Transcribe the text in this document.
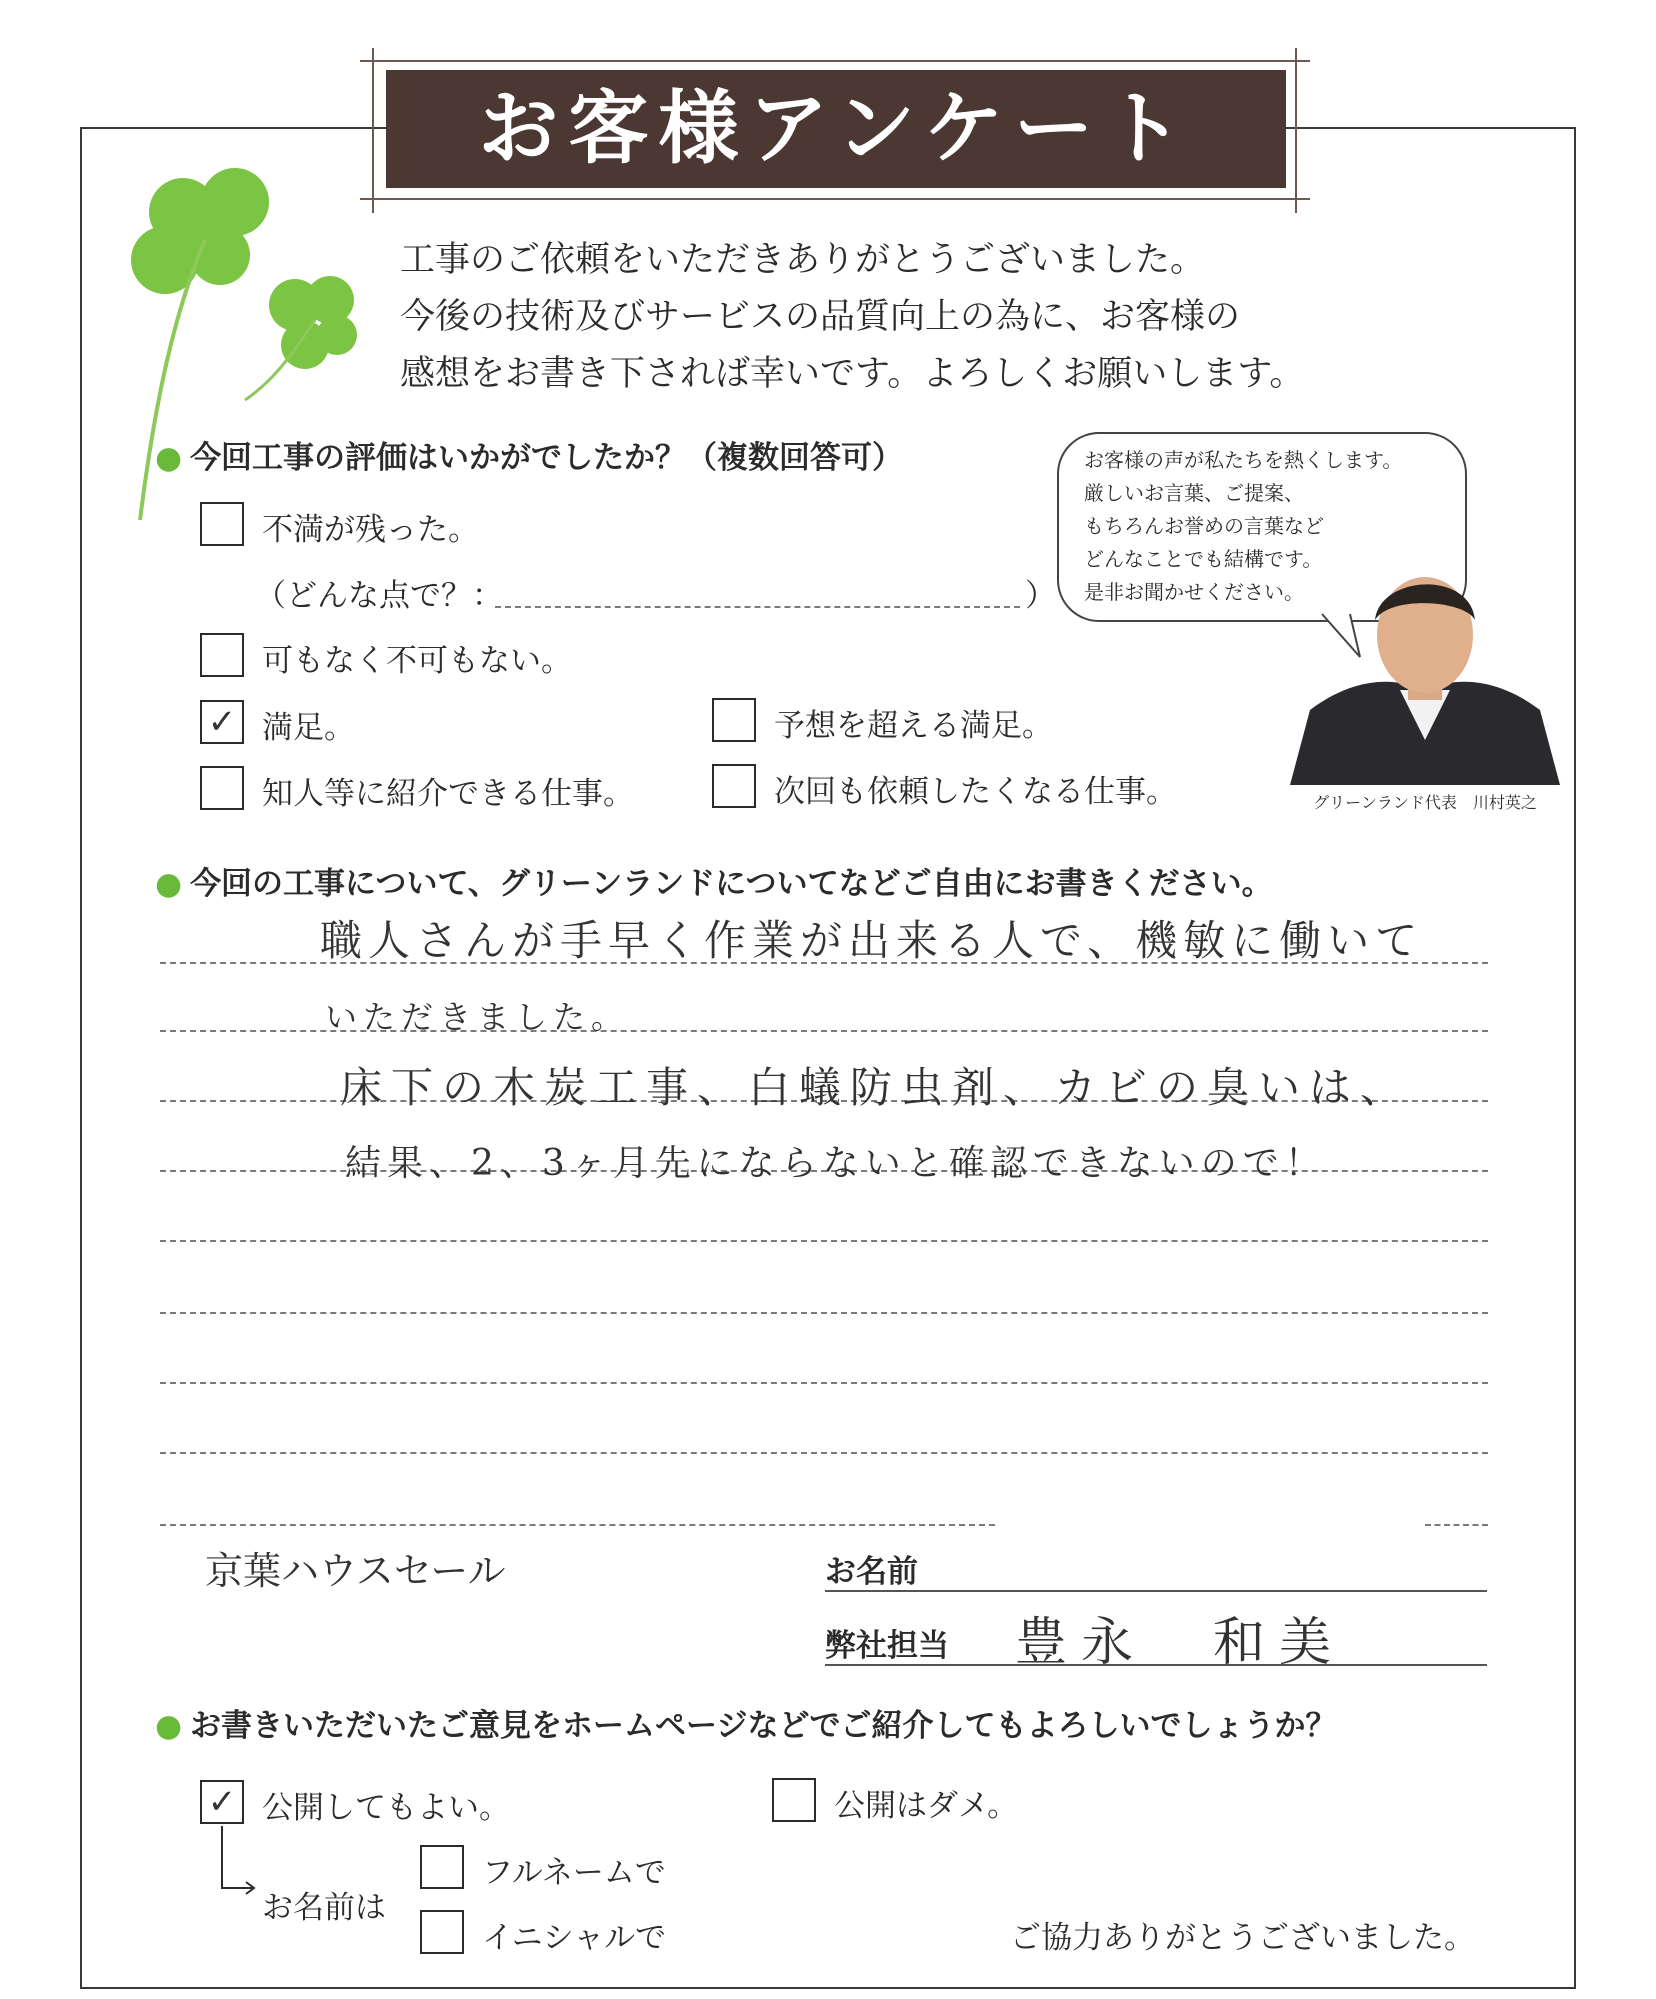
お客様アンケート
工事のご依頼をいただきありがとうございました。
今後の技術及びサービスの品質向上の為に、お客様の
感想をお書き下されば幸いです。よろしくお願いします。
お客様の声が私たちを熱くします。
厳しいお言葉、ご提案、
もちろんお誉めの言葉など
どんなことでも結構です。
是非お聞かせください。
グリーンランド代表　川村英之
● 今回工事の評価はいかがでしたか？（複数回答可）
不満が残った。
（どんな点で？：	）
可もなく不可もない。
✓ 満足。	予想を超える満足。
知人等に紹介できる仕事。	次回も依頼したくなる仕事。
● 今回の工事について、グリーンランドについてなどご自由にお書きください。
職人さんが手早く作業が出来る人で、機敏に働いて
いただきました。
床下の木炭工事、白蟻防虫剤、カビの臭いは、
結果、2、3ヶ月先にならないと確認できないので！
京葉ハウスセール	お名前
弊社担当 豊永　和美
● お書きいただいたご意見をホームページなどでご紹介してもよろしいでしょうか？
✓ 公開してもよい。	公開はダメ。
お名前は
フルネームで
イニシャルで	ご協力ありがとうございました。
